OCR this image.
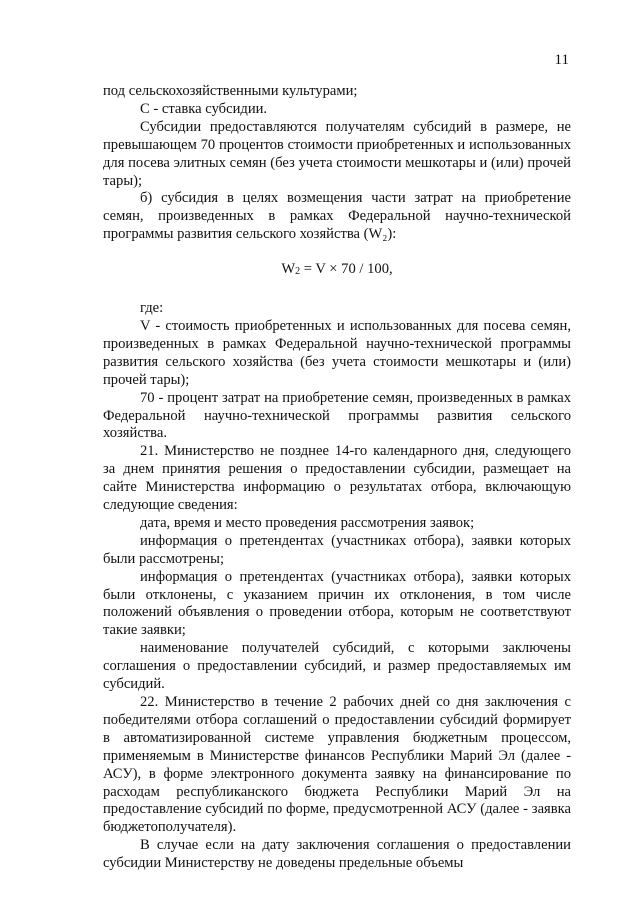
11

под сельскохозяйственными культурами;

С - ставка субсидии.

Субсидии предоставляются получателям субсидий в размере, не превышающем 70 процентов стоимости приобретенных и использованных для посева элитных семян (без учета стоимости мешкотары и (или) прочей тары);

б) субсидия в целях возмещения части затрат на приобретение семян, произведенных в рамках Федеральной научно-технической программы развития сельского хозяйства (W₂):

W2 = V × 70 / 100,

где:

V - стоимость приобретенных и использованных для посева семян, произведенных в рамках Федеральной научно-технической программы развития сельского хозяйства (без учета стоимости мешкотары и (или) прочей тары);

70 - процент затрат на приобретение семян, произведенных в рамках Федеральной научно-технической программы развития сельского хозяйства.

21. Министерство не позднее 14-го календарного дня, следующего за днем принятия решения о предоставлении субсидии, размещает на сайте Министерства информацию о результатах отбора, включающую следующие сведения:

дата, время и место проведения рассмотрения заявок;

информация о претендентах (участниках отбора), заявки которых были рассмотрены;

информация о претендентах (участниках отбора), заявки которых были отклонены, с указанием причин их отклонения, в том числе положений объявления о проведении отбора, которым не соответствуют такие заявки;

наименование получателей субсидий, с которыми заключены соглашения о предоставлении субсидий, и размер предоставляемых им субсидий.

22. Министерство в течение 2 рабочих дней со дня заключения с победителями отбора соглашений о предоставлении субсидий формирует в автоматизированной системе управления бюджетным процессом, применяемым в Министерстве финансов Республики Марий Эл (далее - АСУ), в форме электронного документа заявку на финансирование по расходам республиканского бюджета Республики Марий Эл на предоставление субсидий по форме, предусмотренной АСУ (далее - заявка бюджетополучателя).

В случае если на дату заключения соглашения о предоставлении субсидии Министерству не доведены предельные объемы
